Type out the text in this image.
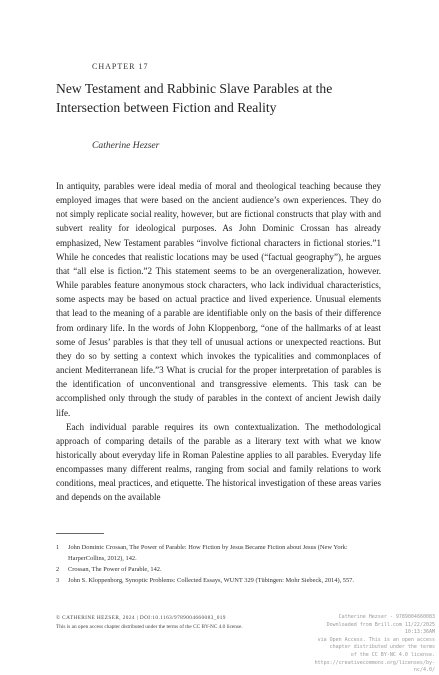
CHAPTER 17
New Testament and Rabbinic Slave Parables at the Intersection between Fiction and Reality
Catherine Hezser

In antiquity, parables were ideal media of moral and theological teaching because they employed images that were based on the ancient audience’s own experiences. They do not simply replicate social reality, however, but are fictional constructs that play with and subvert reality for ideological purposes. As John Dominic Crossan has already emphasized, New Testament parables “involve fictional characters in fictional stories.”1 While he concedes that realistic locations may be used (“factual geography”), he argues that “all else is fiction.”2 This statement seems to be an overgeneralization, however. While parables feature anonymous stock characters, who lack individual characteristics, some aspects may be based on actual practice and lived experience. Unusual elements that lead to the meaning of a parable are identifiable only on the basis of their difference from ordinary life. In the words of John Kloppenborg, “one of the hallmarks of at least some of Jesus’ parables is that they tell of unusual actions or unexpected reactions. But they do so by setting a context which invokes the typicalities and commonplaces of ancient Mediterranean life.”3 What is crucial for the proper interpretation of parables is the identification of unconventional and transgressive elements. This task can be accomplished only through the study of parables in the context of ancient Jewish daily life.

Each individual parable requires its own contextualization. The methodological approach of comparing details of the parable as a literary text with what we know historically about everyday life in Roman Palestine applies to all parables. Everyday life encompasses many different realms, ranging from social and family relations to work conditions, meal practices, and etiquette. The historical investigation of these areas varies and depends on the available

1	John Dominic Crossan, The Power of Parable: How Fiction by Jesus Became Fiction about Jesus (New York: HarperCollins, 2012), 142.
2	Crossan, The Power of Parable, 142.
3	John S. Kloppenborg, Synoptic Problems: Collected Essays, WUNT 329 (Tübingen: Mohr Siebeck, 2014), 557.
© CATHERINE HEZSER, 2024 | DOI:10.1163/9789004660083_019
This is an open access chapter distributed under the terms of the CC BY-NC 4.0 license.
Catherine Hezser - 9789004660083
Downloaded from Brill.com 11/22/2025 10:13:36AM
via Open Access. This is an open access chapter distributed under the terms
of the CC BY-NC 4.0 license.
https://creativecommons.org/licenses/by-nc/4.0/
